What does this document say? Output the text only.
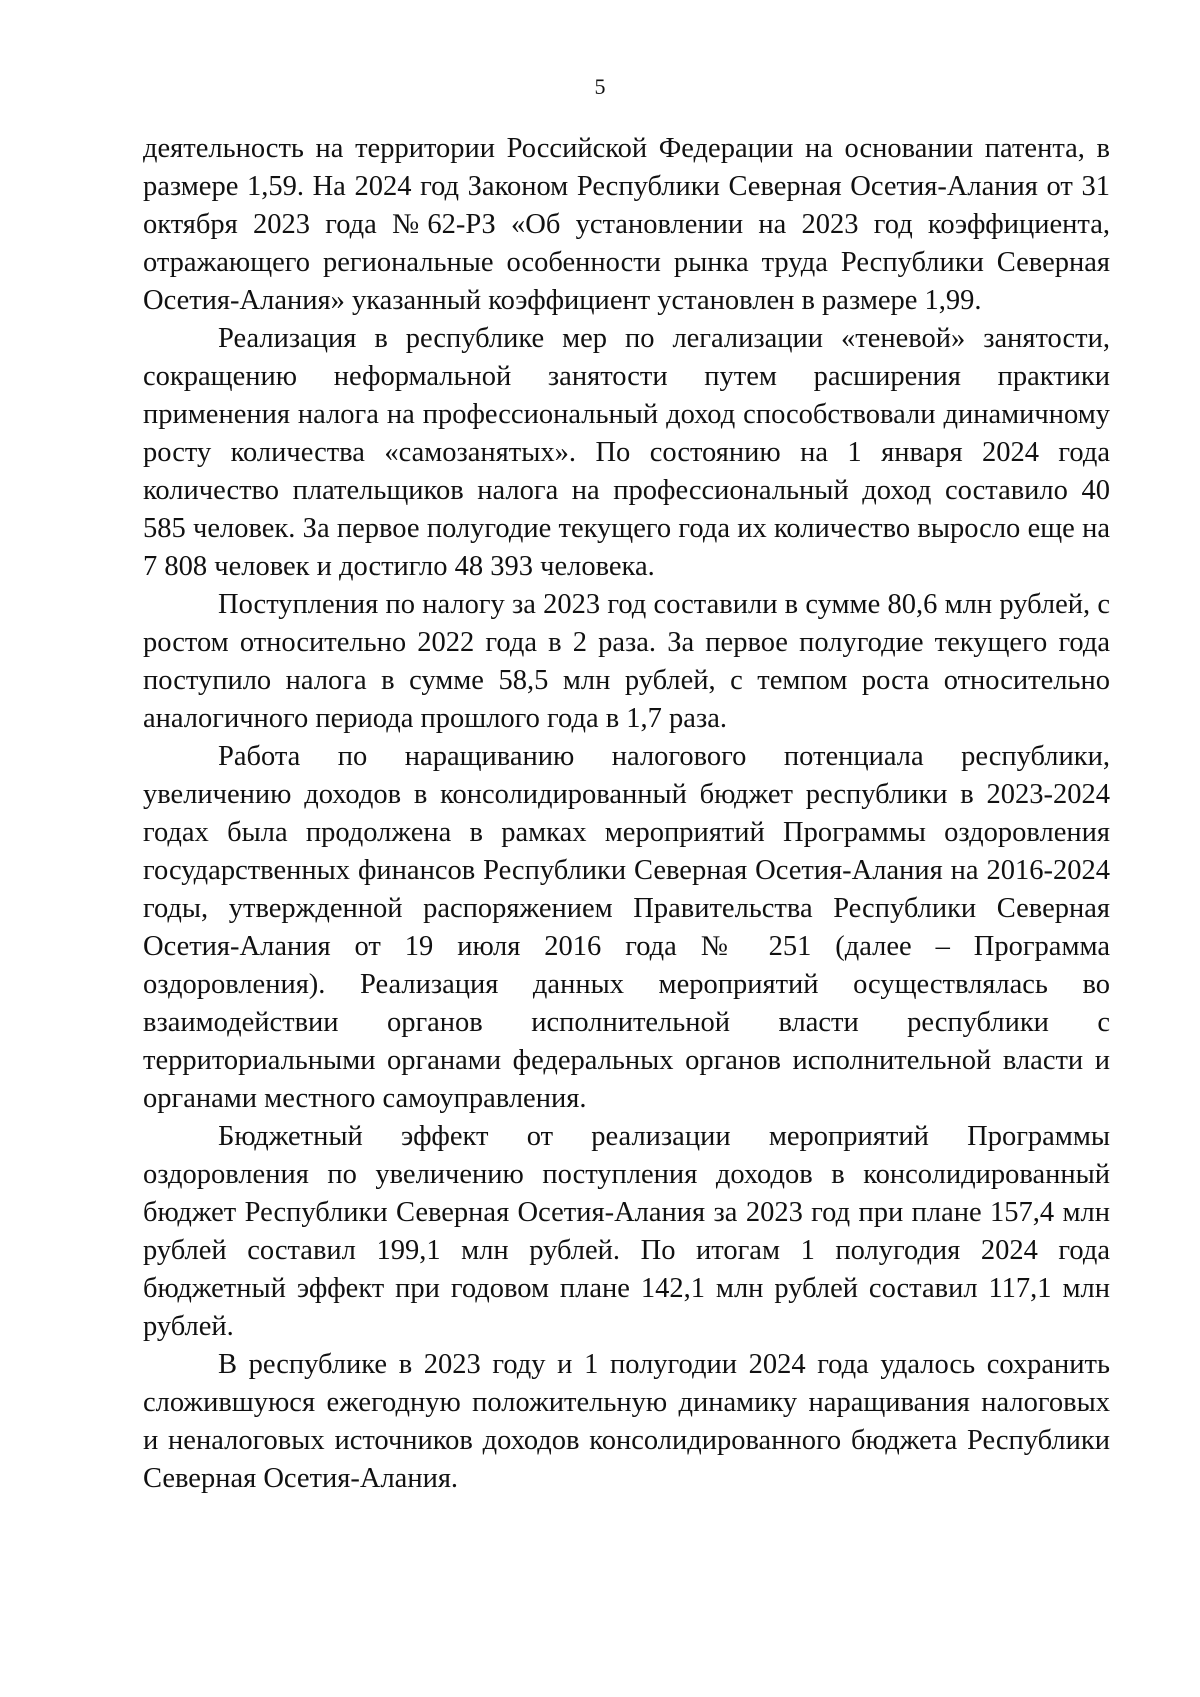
5

деятельность на территории Российской Федерации на основании патента, в размере 1,59. На 2024 год Законом Республики Северная Осетия-Алания от 31 октября 2023 года №62-РЗ «Об установлении на 2023 год коэффициента, отражающего региональные особенности рынка труда Республики Северная Осетия-Алания» указанный коэффициент установлен в размере 1,99.

Реализация в республике мер по легализации «теневой» занятости, сокращению неформальной занятости путем расширения практики применения налога на профессиональный доход способствовали динамичному росту количества «самозанятых». По состоянию на 1 января 2024 года количество плательщиков налога на профессиональный доход составило 40 585 человек. За первое полугодие текущего года их количество выросло еще на 7 808 человек и достигло 48 393 человека.

Поступления по налогу за 2023 год составили в сумме 80,6 млн рублей, с ростом относительно 2022 года в 2 раза. За первое полугодие текущего года поступило налога в сумме 58,5 млн рублей, с темпом роста относительно аналогичного периода прошлого года в 1,7 раза.

Работа по наращиванию налогового потенциала республики, увеличению доходов в консолидированный бюджет республики в 2023-2024 годах была продолжена в рамках мероприятий Программы оздоровления государственных финансов Республики Северная Осетия-Алания на 2016-2024 годы, утвержденной распоряжением Правительства Республики Северная Осетия-Алания от 19 июля 2016 года № 251 (далее – Программа оздоровления). Реализация данных мероприятий осуществлялась во взаимодействии органов исполнительной власти республики с территориальными органами федеральных органов исполнительной власти и органами местного самоуправления.

Бюджетный эффект от реализации мероприятий Программы оздоровления по увеличению поступления доходов в консолидированный бюджет Республики Северная Осетия-Алания за 2023 год при плане 157,4 млн рублей составил 199,1 млн рублей. По итогам 1 полугодия 2024 года бюджетный эффект при годовом плане 142,1 млн рублей составил 117,1 млн рублей.

В республике в 2023 году и 1 полугодии 2024 года удалось сохранить сложившуюся ежегодную положительную динамику наращивания налоговых и неналоговых источников доходов консолидированного бюджета Республики Северная Осетия-Алания.
